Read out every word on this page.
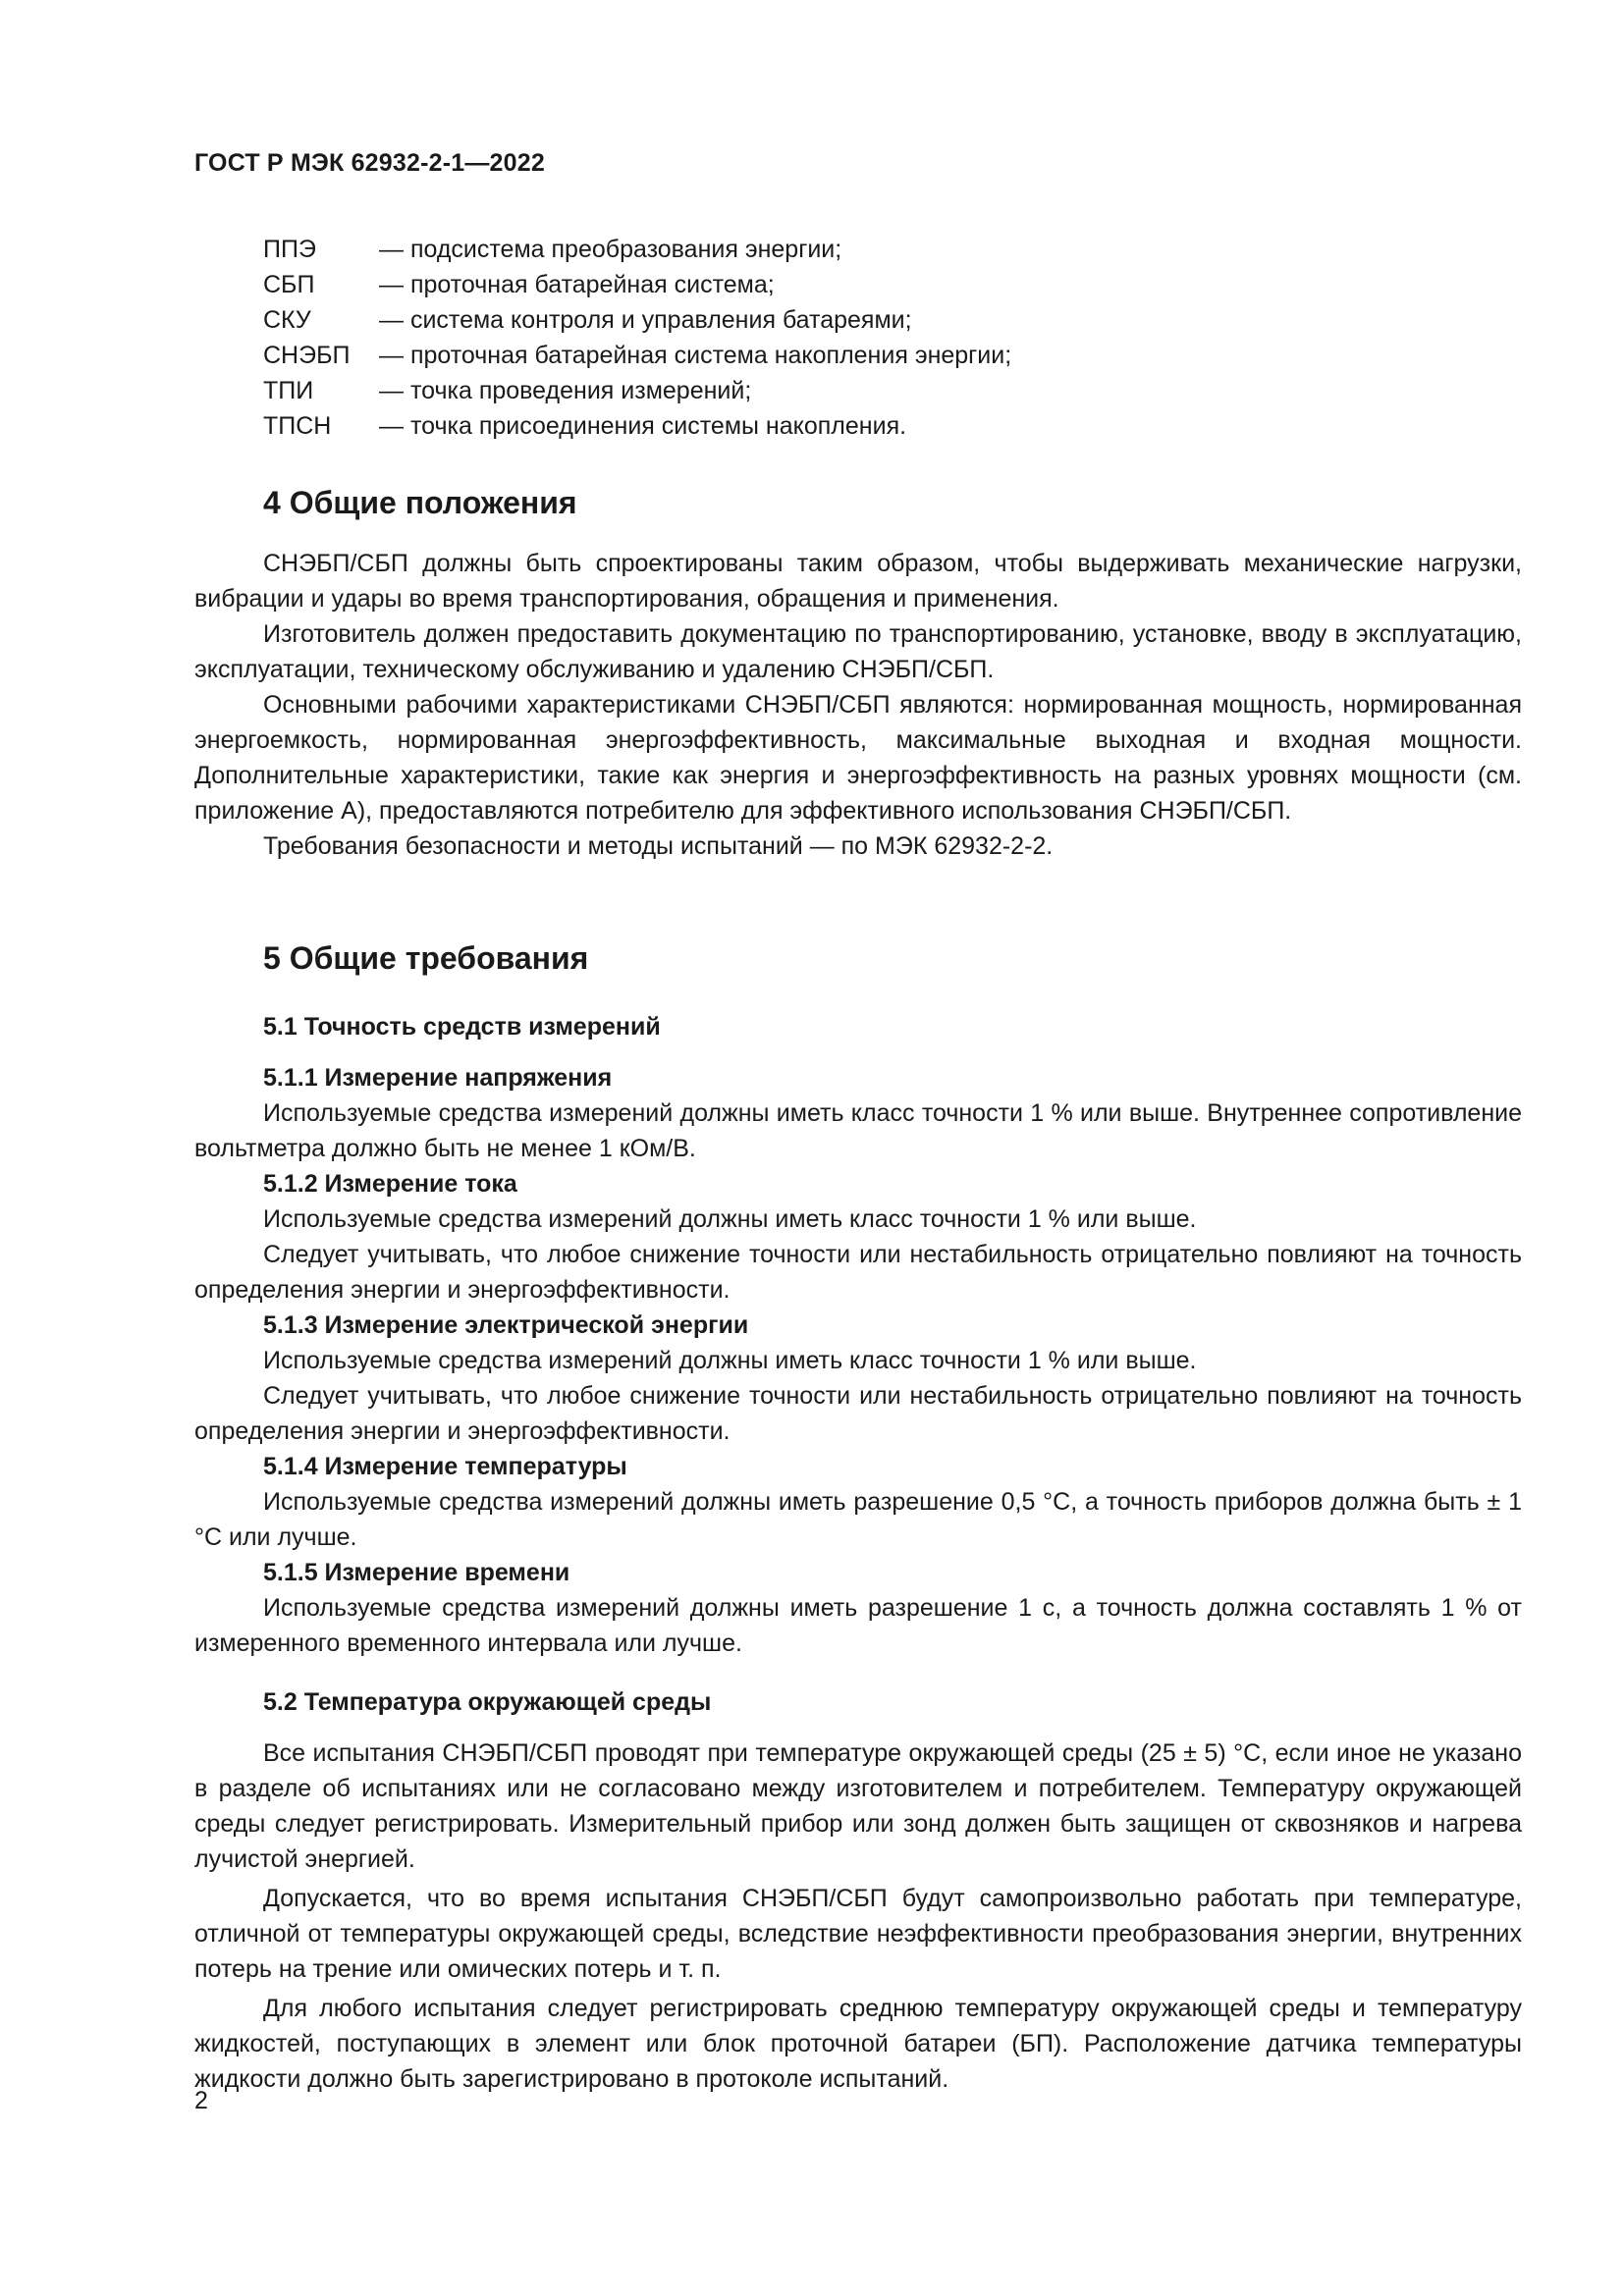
ГОСТ Р МЭК 62932-2-1—2022
ППЭ	— подсистема преобразования энергии;
СБП	— проточная батарейная система;
СКУ	— система контроля и управления батареями;
СНЭБП	— проточная батарейная система накопления энергии;
ТПИ	— точка проведения измерений;
ТПСН	— точка присоединения системы накопления.
4 Общие положения

СНЭБП/СБП должны быть спроектированы таким образом, чтобы выдерживать механические нагрузки, вибрации и удары во время транспортирования, обращения и применения.

Изготовитель должен предоставить документацию по транспортированию, установке, вводу в эксплуатацию, эксплуатации, техническому обслуживанию и удалению СНЭБП/СБП.

Основными рабочими характеристиками СНЭБП/СБП являются: нормированная мощность, нормированная энергоемкость, нормированная энергоэффективность, максимальные выходная и входная мощности. Дополнительные характеристики, такие как энергия и энергоэффективность на разных уровнях мощности (см. приложение А), предоставляются потребителю для эффективного использования СНЭБП/СБП.

Требования безопасности и методы испытаний — по МЭК 62932-2-2.

5 Общие требования
5.1 Точность средств измерений

5.1.1 Измерение напряжения

Используемые средства измерений должны иметь класс точности 1 % или выше. Внутреннее сопротивление вольтметра должно быть не менее 1 кОм/В.

5.1.2 Измерение тока

Используемые средства измерений должны иметь класс точности 1 % или выше.

Следует учитывать, что любое снижение точности или нестабильность отрицательно повлияют на точность определения энергии и энергоэффективности.

5.1.3 Измерение электрической энергии

Используемые средства измерений должны иметь класс точности 1 % или выше.

Следует учитывать, что любое снижение точности или нестабильность отрицательно повлияют на точность определения энергии и энергоэффективности.

5.1.4 Измерение температуры

Используемые средства измерений должны иметь разрешение 0,5 °C, а точность приборов должна быть ± 1 °C или лучше.

5.1.5 Измерение времени

Используемые средства измерений должны иметь разрешение 1 с, а точность должна составлять 1 % от измеренного временного интервала или лучше.

5.2 Температура окружающей среды

Все испытания СНЭБП/СБП проводят при температуре окружающей среды (25 ± 5) °C, если иное не указано в разделе об испытаниях или не согласовано между изготовителем и потребителем. Температуру окружающей среды следует регистрировать. Измерительный прибор или зонд должен быть защищен от сквозняков и нагрева лучистой энергией.

Допускается, что во время испытания СНЭБП/СБП будут самопроизвольно работать при температуре, отличной от температуры окружающей среды, вследствие неэффективности преобразования энергии, внутренних потерь на трение или омических потерь и т. п.

Для любого испытания следует регистрировать среднюю температуру окружающей среды и температуру жидкостей, поступающих в элемент или блок проточной батареи (БП). Расположение датчика температуры жидкости должно быть зарегистрировано в протоколе испытаний.

2
